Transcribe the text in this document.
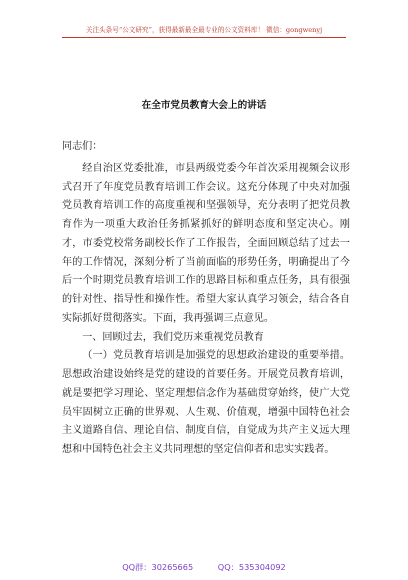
关注头条号“公文研究”，获得最新最全最专业的公文资料库！ 微信：gongwenyj
在全市党员教育大会上的讲话

同志们：

经自治区党委批准，市县两级党委今年首次采用视频会议形式召开了年度党员教育培训工作会议。这充分体现了中央对加强党员教育培训工作的高度重视和坚强领导，充分表明了把党员教育作为一项重大政治任务抓紧抓好的鲜明态度和坚定决心。刚才，市委党校常务副校长作了工作报告，全面回顾总结了过去一年的工作情况，深刻分析了当前面临的形势任务，明确提出了今后一个时期党员教育培训工作的思路目标和重点任务，具有很强的针对性、指导性和操作性。希望大家认真学习领会，结合各自实际抓好贯彻落实。下面，我再强调三点意见。

一、回顾过去，我们党历来重视党员教育

（一）党员教育培训是加强党的思想政治建设的重要举措。思想政治建设始终是党的建设的首要任务。开展党员教育培训，就是要把学习理论、坚定理想信念作为基础贯穿始终，使广大党员牢固树立正确的世界观、人生观、价值观，增强中国特色社会主义道路自信、理论自信、制度自信，自觉成为共产主义远大理想和中国特色社会主义共同理想的坚定信仰者和忠实实践者。

QQ群：30265665	QQ：535304092
